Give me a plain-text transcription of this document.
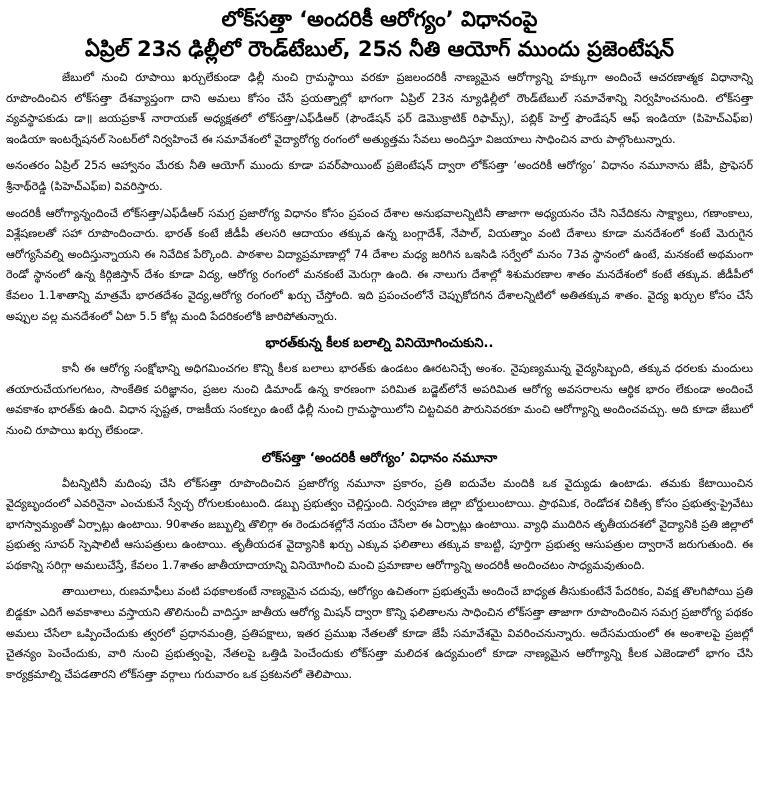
లోక్‌సత్తా ‘అందరికీ ఆరోగ్యం’ విధానంపై
ఏప్రిల్‌ 23న ఢిల్లీలో రౌండ్‌టేబుల్‌, 25న నీతి ఆయోగ్‌ ముందు ప్రజెంటేషన్‌

జేబులో నుంచి రూపాయి ఖర్చులేకుండా ఢిల్లీ నుంచి గ్రామస్థాయి వరకూ ప్రజలందరికీ నాణ్యమైన ఆరోగ్యాన్ని హక్కుగా అందించే ఆచరణాత్మక విధానాన్ని రూపొందించిన లోక్‌సత్తా దేశవ్యాప్తంగా దాని అమలు కోసం చేసే ప్రయత్నాల్లో భాగంగా ఏప్రిల్‌ 23న న్యూఢిల్లీలో రౌండ్‌టేబుల్‌ సమావేశాన్ని నిర్వహించనుంది. లోక్‌సత్తా వ్యవస్థాపకుడు డా॥ జయప్రకాశ్‌ నారాయణ్‌ అధ్యక్షతలో లోక్‌సత్తా/ఎఫ్‌డీఆర్‌ (ఫౌండేషన్‌ ఫర్‌ డెమొక్రాటిక్‌ రిఫామ్స్‌), పబ్లిక్‌ హెల్త్‌ ఫౌండేషన్‌ ఆఫ్‌ ఇండియా (పిహెచ్‌ఎఫ్‌ఐ) ఇండియా ఇంటర్నేషనల్‌ సెంటర్‌లో నిర్వహించే ఈ సమావేశంలో వైద్యారోగ్య రంగంలో అత్యుత్తమ సేవలు అందిస్తూ విజయాలు సాధించిన వారు పాల్గొంటున్నారు.

అనంతరం ఏప్రిల్‌ 25న ఆహ్వానం మేరకు నీతి ఆయోగ్‌ ముందు కూడా పవర్‌పాయింట్‌ ప్రజెంటేషన్‌ ద్వారా లోక్‌సత్తా ‘అందరికీ ఆరోగ్యం’ విధానం నమూనాను జేపీ, ప్రొఫెసర్‌ శ్రీనాథ్‌రెడ్డి (పిహెచ్‌ఎఫ్‌ఐ) వివరిస్తారు.

అందరికీ ఆరోగ్యాన్నందించే లోక్‌సత్తా/ఎఫ్‌డీఆర్‌ సమగ్ర ప్రజారోగ్య విధానం కోసం ప్రపంచ దేశాల అనుభవాలన్నిటినీ తాజాగా అధ్యయనం చేసి నివేదికను సాక్ష్యాలు, గణాంకాలు, విశ్లేషణలతో సహా రూపొందించారు. భారత్‌ కంటే జీడీపీ తలసరి ఆదాయం తక్కువ ఉన్న బంగ్లాదేశ్‌, నేపాల్‌, వియత్నాం వంటి దేశాలు కూడా మనదేశంలో కంటే మెరుగైన ఆరోగ్యసేవల్ని అందిస్తున్నాయని ఈ నివేదిక పేర్కొంది. పాఠశాల విద్యాప్రమాణాల్లో 74 దేశాల మధ్య జరిగిన ఒఇసిడి సర్వేలో మనం 73వ స్థానంలో ఉంటే, మనకంటే అథమంగా రెండో స్థానంలో ఉన్న కిర్గిజిస్తాన్‌ దేశం కూడా విద్య, ఆరోగ్య రంగంలో మనకంటే మెరుగ్గా ఉంది. ఈ నాలుగు దేశాల్లో శిశుమరణాల శాతం మనదేశంలో కంటే తక్కువ. జీడీపీలో కేవలం 1.1శాతాన్ని మాత్రమే భారతదేశం వైద్య,ఆరోగ్య రంగంలో ఖర్చు చేస్తోంది. ఇది ప్రపంచంలోనే చెప్పుకోదగిన దేశాలన్నిటిలో అతితక్కువ శాతం. వైద్య ఖర్చుల కోసం చేసే అప్పుల వల్ల మనదేశంలో ఏటా 5.5 కోట్ల మంది పేదరికంలోకి జారిపోతున్నారు.

భారత్‌కున్న కీలక బలాల్ని వినియోగించుకుని..

కానీ ఈ ఆరోగ్య సంక్షోభాన్ని అధిగమించగల కొన్ని కీలక బలాలు భారత్‌కు ఉండటం ఊరటనిచ్చే అంశం. నైపుణ్యమున్న వైద్యసిబ్బంది, తక్కువ ధరలకు మందులు తయారుచేయగలగటం, సాంకేతిక పరిజ్ఞానం, ప్రజల నుంచి డిమాండ్‌ ఉన్న కారణంగా పరిమిత బడ్జెట్‌లోనే అపరిమిత ఆరోగ్య అవసరాలను ఆర్థిక భారం లేకుండా అందించే అవకాశం భారత్‌కు ఉంది. విధాన స్పష్టత, రాజకీయ సంకల్పం ఉంటే ఢిల్లీ నుంచి గ్రామస్థాయిలోని చిట్టచివరి పౌరునివరకూ మంచి ఆరోగ్యాన్ని అందించవచ్చు. అది కూడా జేబులో నుంచి రూపాయి ఖర్చు లేకుండా.

లోక్‌సత్తా ‘అందరికీ ఆరోగ్యం’ విధానం నమూనా

వీటన్నిటినీ మదింపు చేసి లోక్‌సత్తా రూపొందించిన ప్రజారోగ్య నమూనా ప్రకారం, ప్రతి ఐదువేల మందికి ఒక వైద్యుడు ఉంటాడు. తమకు కేటాయించిన వైద్యబృందంలో ఎవరినైనా ఎంచుకునే స్వేచ్ఛ రోగులకుంటుంది. డబ్బు ప్రభుత్వం చెల్లిస్తుంది. నిర్వహణ జిల్లా బోర్డులుంటాయి. ప్రాథమిక, రెండోదశ చికిత్స కోసం ప్రభుత్వ-ప్రైవేటు భాగస్వామ్యంతో ఏర్పాట్లు ఉంటాయి. 90శాతం జబ్బుల్ని తొలిగ్గా ఈ రెండుదశల్లోనే నయం చేసేలా ఈ ఏర్పాట్లు ఉంటాయి. వ్యాధి ముదిరిన తృతీయదశలో వైద్యానికి ప్రతి జిల్లాలో ప్రభుత్వ సూపర్‌ స్పెషాలిటీ ఆసుపత్రులు ఉంటాయి. తృతీయదశ వైద్యానికి ఖర్చు ఎక్కువ ఫలితాలు తక్కువ కాబట్టి, పూర్తిగా ప్రభుత్వ ఆసుపత్రుల ద్వారానే జరుగుతుంది. ఈ పథకాన్ని సరిగ్గా అమలుచేస్తే, కేవలం 1.7శాతం జాతీయాదాయాన్ని వినియోగించి మంచి ప్రమాణాల ఆరోగ్యాన్ని అందరికీ అందించటం సాధ్యమవుతుంది.

తాయిలాలు, రుణమాఫీలు వంటి పథకాలకంటే నాణ్యమైన చదువు, ఆరోగ్యం ఉచితంగా ప్రభుత్వమే అందించే బాధ్యత తీసుకుంటేనే పేదరికం, వివక్ష తొలగిపోయి ప్రతి బిడ్డకూ ఎదిగే అవకాశాలు వస్తాయని తొలినుంచీ వాదిస్తూ జాతీయ ఆరోగ్య మిషన్‌ ద్వారా కొన్ని ఫలితాలను సాధించిన లోక్‌సత్తా తాజాగా రూపొందించిన సమగ్ర ప్రజారోగ్య పథకం అమలు చేసేలా ఒప్పించేందుకు త్వరలో ప్రధానమంత్రి, ప్రతిపక్షాలు, ఇతర ప్రముఖ నేతలతో కూడా జేపీ సమావేశమై వివరించనున్నారు. అదేసమయంలో ఈ అంశాలపై ప్రజల్లో చైతన్యం పెంచేందుకు, వారి నుంచి ప్రభుత్వంపై, నేతలపై ఒత్తిడి పెంచేందుకు లోక్‌సత్తా మలిదశ ఉద్యమంలో కూడా నాణ్యమైన ఆరోగ్యాన్ని కీలక ఎజెండాలో భాగం చేసి కార్యక్రమాల్ని చేపడతారని లోక్‌సత్తా వర్గాలు గురువారం ఒక ప్రకటనలో తెలిపాయి.
